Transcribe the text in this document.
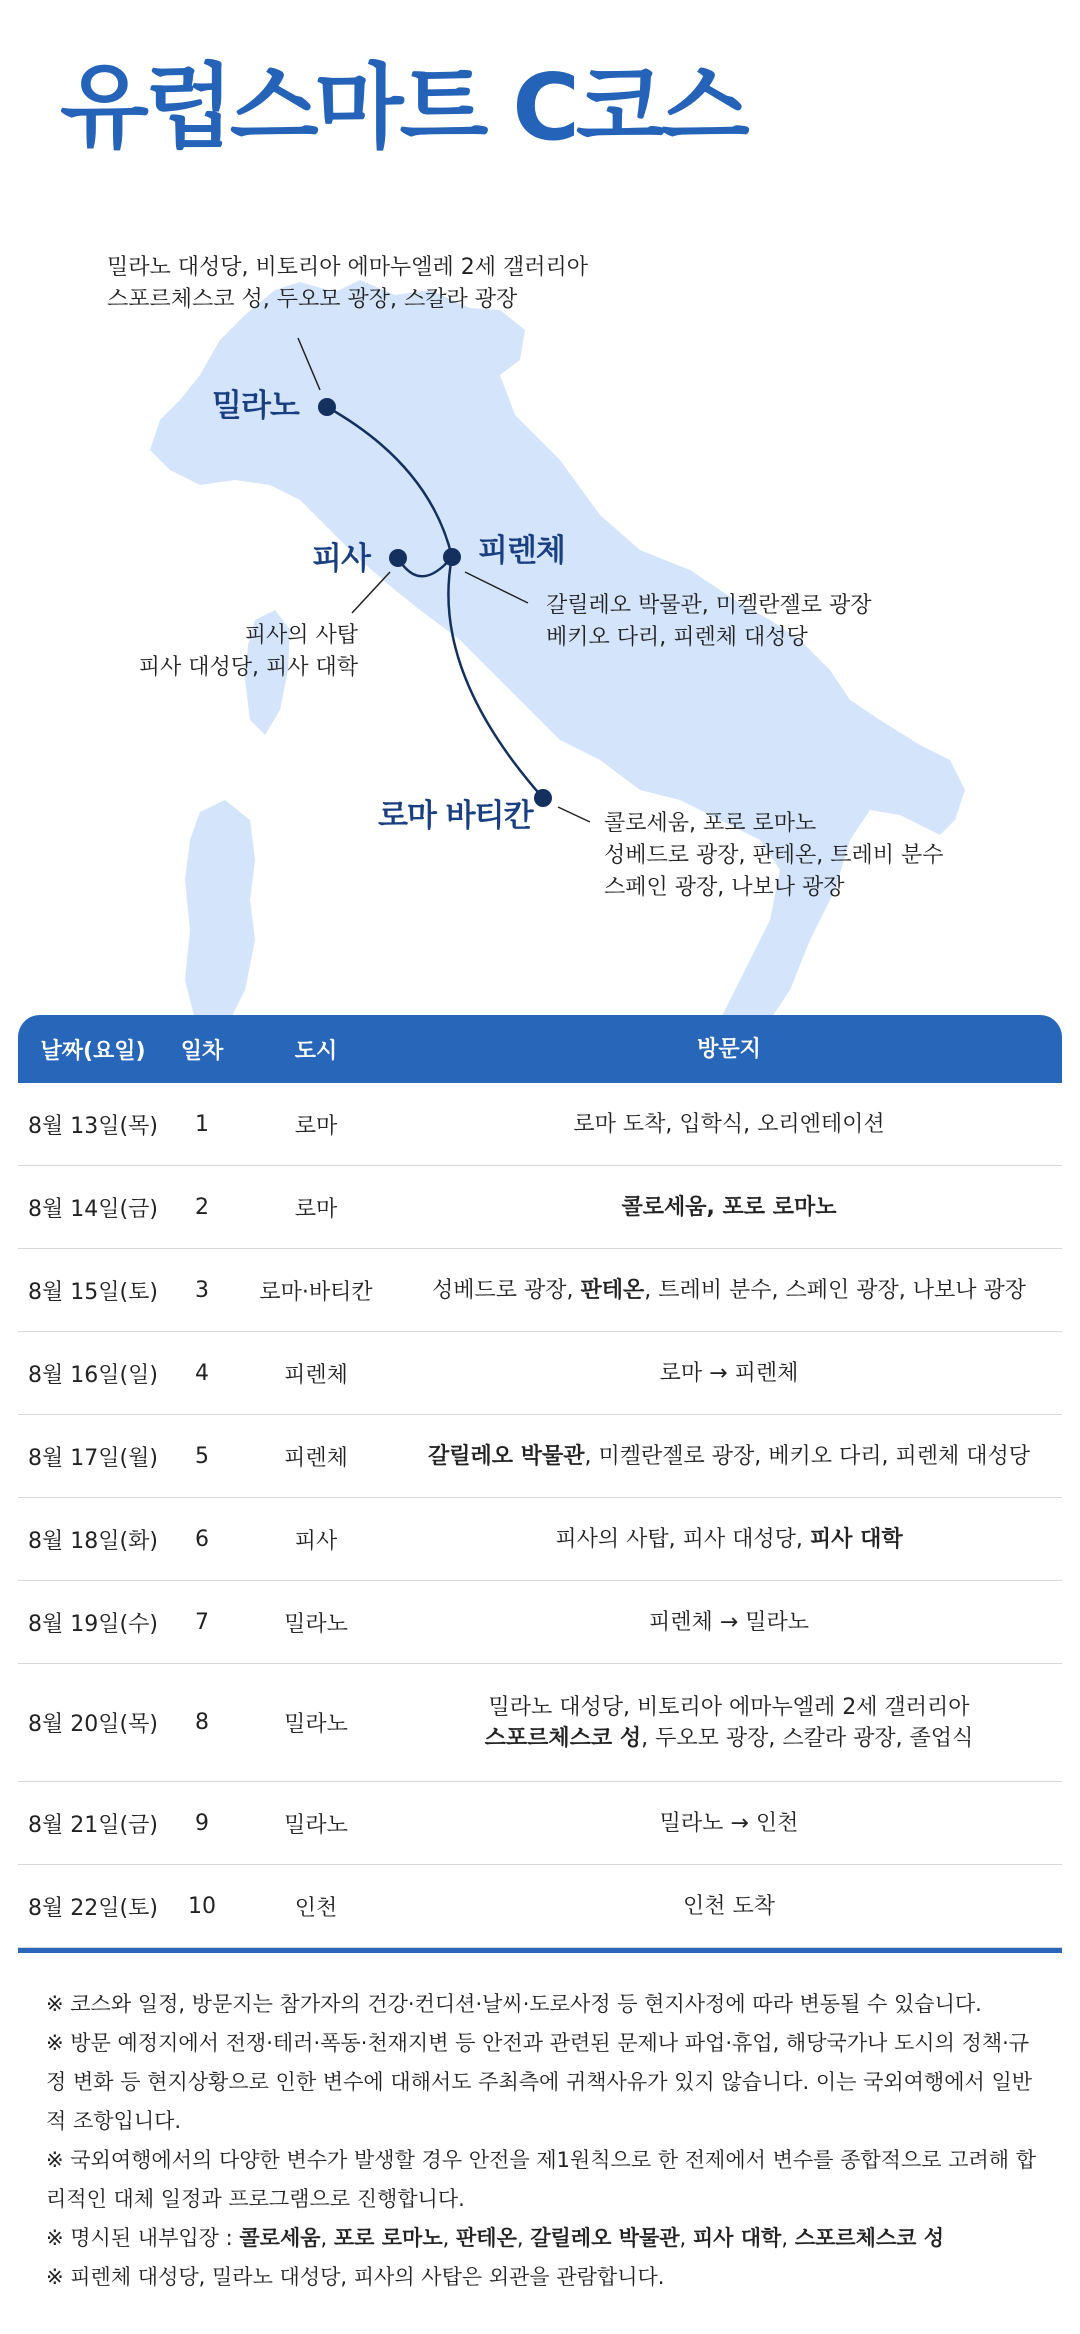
유럽스마트 C코스
밀라노 대성당, 비토리아 에마누엘레 2세 갤러리아
스포르체스코 성, 두오모 광장, 스칼라 광장
밀라노
피사	피렌체
피사의 사탑
피사 대성당, 피사 대학
갈릴레오 박물관, 미켈란젤로 광장
베키오 다리, 피렌체 대성당
로마 바티칸	콜로세움, 포로 로마노
성베드로 광장, 판테온, 트레비 분수
스페인 광장, 나보나 광장
날짜(요일)	일차	도시	방문지
8월 13일(목)	1	로마	로마 도착, 입학식, 오리엔테이션
8월 14일(금)	2	로마	콜로세움, 포로 로마노
8월 15일(토)	3	로마·바티칸	성베드로 광장, 판테온, 트레비 분수, 스페인 광장, 나보나 광장
8월 16일(일)	4	피렌체	로마 → 피렌체
8월 17일(월)	5	피렌체	갈릴레오 박물관, 미켈란젤로 광장, 베키오 다리, 피렌체 대성당
8월 18일(화)	6	피사	피사의 사탑, 피사 대성당, 피사 대학
8월 19일(수)	7	밀라노	피렌체 → 밀라노
8월 20일(목)	8	밀라노
밀라노 대성당, 비토리아 에마누엘레 2세 갤러리아
스포르체스코 성, 두오모 광장, 스칼라 광장, 졸업식
8월 21일(금)	9	밀라노	밀라노 → 인천
8월 22일(토)	10	인천	인천 도착

※ 코스와 일정, 방문지는 참가자의 건강·컨디션·날씨·도로사정 등 현지사정에 따라 변동될 수 있습니다.

※ 방문 예정지에서 전쟁·테러·폭동·천재지변 등 안전과 관련된 문제나 파업·휴업, 해당국가나 도시의 정책·규정 변화 등 현지상황으로 인한 변수에 대해서도 주최측에 귀책사유가 있지 않습니다. 이는 국외여행에서 일반적 조항입니다.

※ 국외여행에서의 다양한 변수가 발생할 경우 안전을 제1원칙으로 한 전제에서 변수를 종합적으로 고려해 합리적인 대체 일정과 프로그램으로 진행합니다.

※ 명시된 내부입장 : 콜로세움, 포로 로마노, 판테온, 갈릴레오 박물관, 피사 대학, 스포르체스코 성

※ 피렌체 대성당, 밀라노 대성당, 피사의 사탑은 외관을 관람합니다.
